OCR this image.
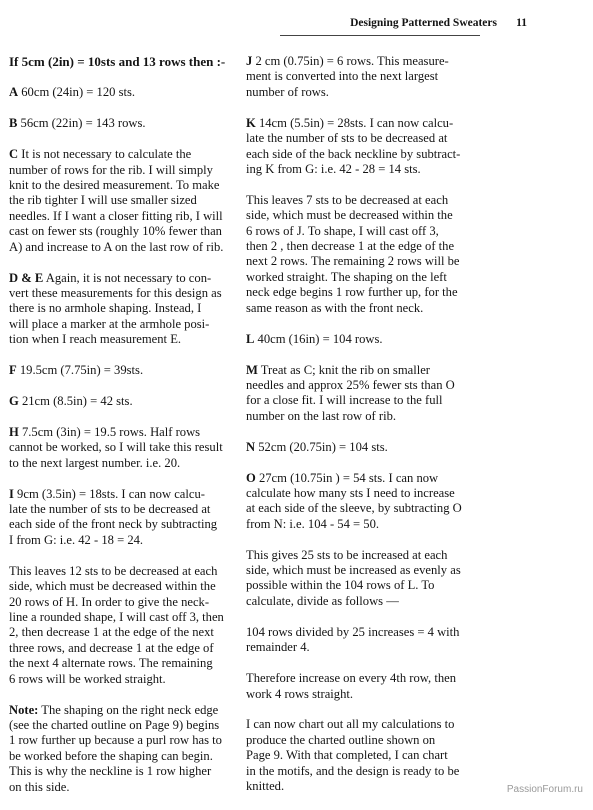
Designing Patterned Sweaters 11

If 5cm (2in) = 10sts and 13 rows then :-

A 60cm (24in) = 120 sts.

B 56cm (22in) = 143 rows.

C It is not necessary to calculate the
number of rows for the rib. I will simply
knit to the desired measurement. To make
the rib tighter I will use smaller sized
needles. If I want a closer fitting rib, I will
cast on fewer sts (roughly 10% fewer than
A) and increase to A on the last row of rib.

D & E Again, it is not necessary to con-
vert these measurements for this design as
there is no armhole shaping. Instead, I
will place a marker at the armhole posi-
tion when I reach measurement E.

F 19.5cm (7.75in) = 39sts.

G 21cm (8.5in) = 42 sts.

H 7.5cm (3in) = 19.5 rows. Half rows
cannot be worked, so I will take this result
to the next largest number. i.e. 20.

I 9cm (3.5in) = 18sts. I can now calcu-
late the number of sts to be decreased at
each side of the front neck by subtracting
I from G: i.e. 42 - 18 = 24.

This leaves 12 sts to be decreased at each
side, which must be decreased within the
20 rows of H. In order to give the neck-
line a rounded shape, I will cast off 3, then
2, then decrease 1 at the edge of the next
three rows, and decrease 1 at the edge of
the next 4 alternate rows. The remaining
6 rows will be worked straight.

Note: The shaping on the right neck edge
(see the charted outline on Page 9) begins
1 row further up because a purl row has to
be worked before the shaping can begin.
This is why the neckline is 1 row higher
on this side.

J 2 cm (0.75in) = 6 rows. This measure-
ment is converted into the next largest
number of rows.

K 14cm (5.5in) = 28sts. I can now calcu-
late the number of sts to be decreased at
each side of the back neckline by subtract-
ing K from G: i.e. 42 - 28 = 14 sts.

This leaves 7 sts to be decreased at each
side, which must be decreased within the
6 rows of J. To shape, I will cast off 3,
then 2 , then decrease 1 at the edge of the
next 2 rows. The remaining 2 rows will be
worked straight. The shaping on the left
neck edge begins 1 row further up, for the
same reason as with the front neck.

L 40cm (16in) = 104 rows.

M Treat as C; knit the rib on smaller
needles and approx 25% fewer sts than O
for a close fit. I will increase to the full
number on the last row of rib.

N 52cm (20.75in) = 104 sts.

O 27cm (10.75in ) = 54 sts. I can now
calculate how many sts I need to increase
at each side of the sleeve, by subtracting O
from N: i.e. 104 - 54 = 50.

This gives 25 sts to be increased at each
side, which must be increased as evenly as
possible within the 104 rows of L. To
calculate, divide as follows —

104 rows divided by 25 increases = 4 with
remainder 4.

Therefore increase on every 4th row, then
work 4 rows straight.

I can now chart out all my calculations to
produce the charted outline shown on
Page 9. With that completed, I can chart
in the motifs, and the design is ready to be
knitted.	PassionForum.ru
